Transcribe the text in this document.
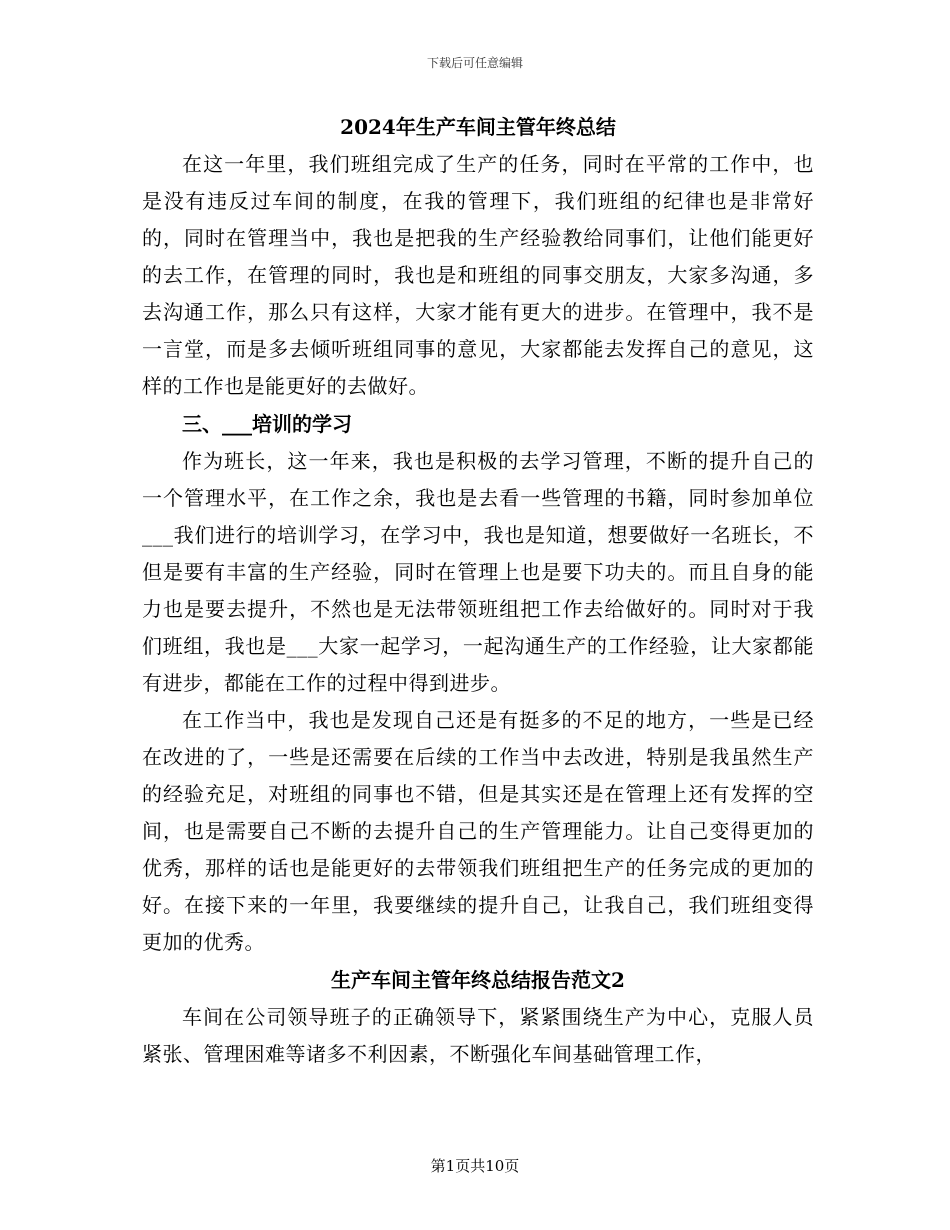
下载后可任意编辑
2024年生产车间主管年终总结

在这一年里，我们班组完成了生产的任务，同时在平常的工作中，也是没有违反过车间的制度，在我的管理下，我们班组的纪律也是非常好的，同时在管理当中，我也是把我的生产经验教给同事们，让他们能更好的去工作，在管理的同时，我也是和班组的同事交朋友，大家多沟通，多去沟通工作，那么只有这样，大家才能有更大的进步。在管理中，我不是一言堂，而是多去倾听班组同事的意见，大家都能去发挥自己的意见，这样的工作也是能更好的去做好。

三、___培训的学习

作为班长，这一年来，我也是积极的去学习管理，不断的提升自己的一个管理水平，在工作之余，我也是去看一些管理的书籍，同时参加单位___我们进行的培训学习，在学习中，我也是知道，想要做好一名班长，不但是要有丰富的生产经验，同时在管理上也是要下功夫的。而且自身的能力也是要去提升，不然也是无法带领班组把工作去给做好的。同时对于我们班组，我也是___大家一起学习，一起沟通生产的工作经验，让大家都能有进步，都能在工作的过程中得到进步。

在工作当中，我也是发现自己还是有挺多的不足的地方，一些是已经在改进的了，一些是还需要在后续的工作当中去改进，特别是我虽然生产的经验充足，对班组的同事也不错，但是其实还是在管理上还有发挥的空间，也是需要自己不断的去提升自己的生产管理能力。让自己变得更加的优秀，那样的话也是能更好的去带领我们班组把生产的任务完成的更加的好。在接下来的一年里，我要继续的提升自己，让我自己，我们班组变得更加的优秀。

生产车间主管年终总结报告范文2

车间在公司领导班子的正确领导下，紧紧围绕生产为中心，克服人员紧张、管理困难等诸多不利因素，不断强化车间基础管理工作，

第1页共10页
